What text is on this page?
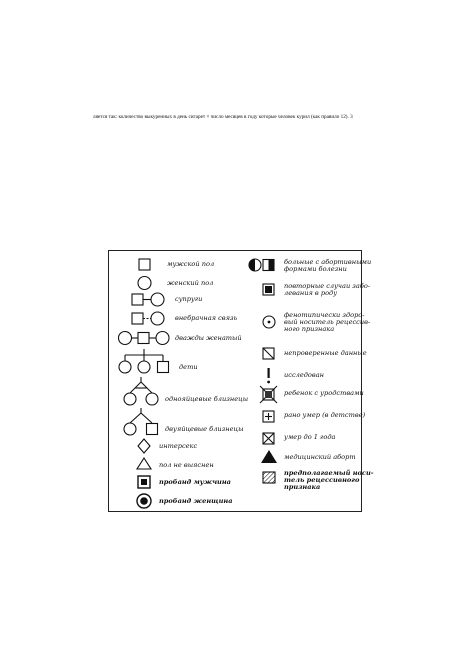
ляется так: количество выкуренных в день сигарет × число месяцев в году которые человек курил (как правило 12). 3
мужской пол
женский пол
супруги
внебрачная связь
дважды женатый
дети
однояйцевые близнецы
двуяйцевые близнецы
интерсекс
пол не выяснен
пробанд мужчина
пробанд женщина
больные с абортивными
формами болезни
повторные случаи забо-
левания в роду
фенотипически здоро-
вый носитель рецессив-
ного признака
непроверенные данные
исследован
ребенок с уродствами
рано умер (в детстве)
умер до 1 года
медицинский аборт
предполагаемый носи-
тель рецессивного
признака
